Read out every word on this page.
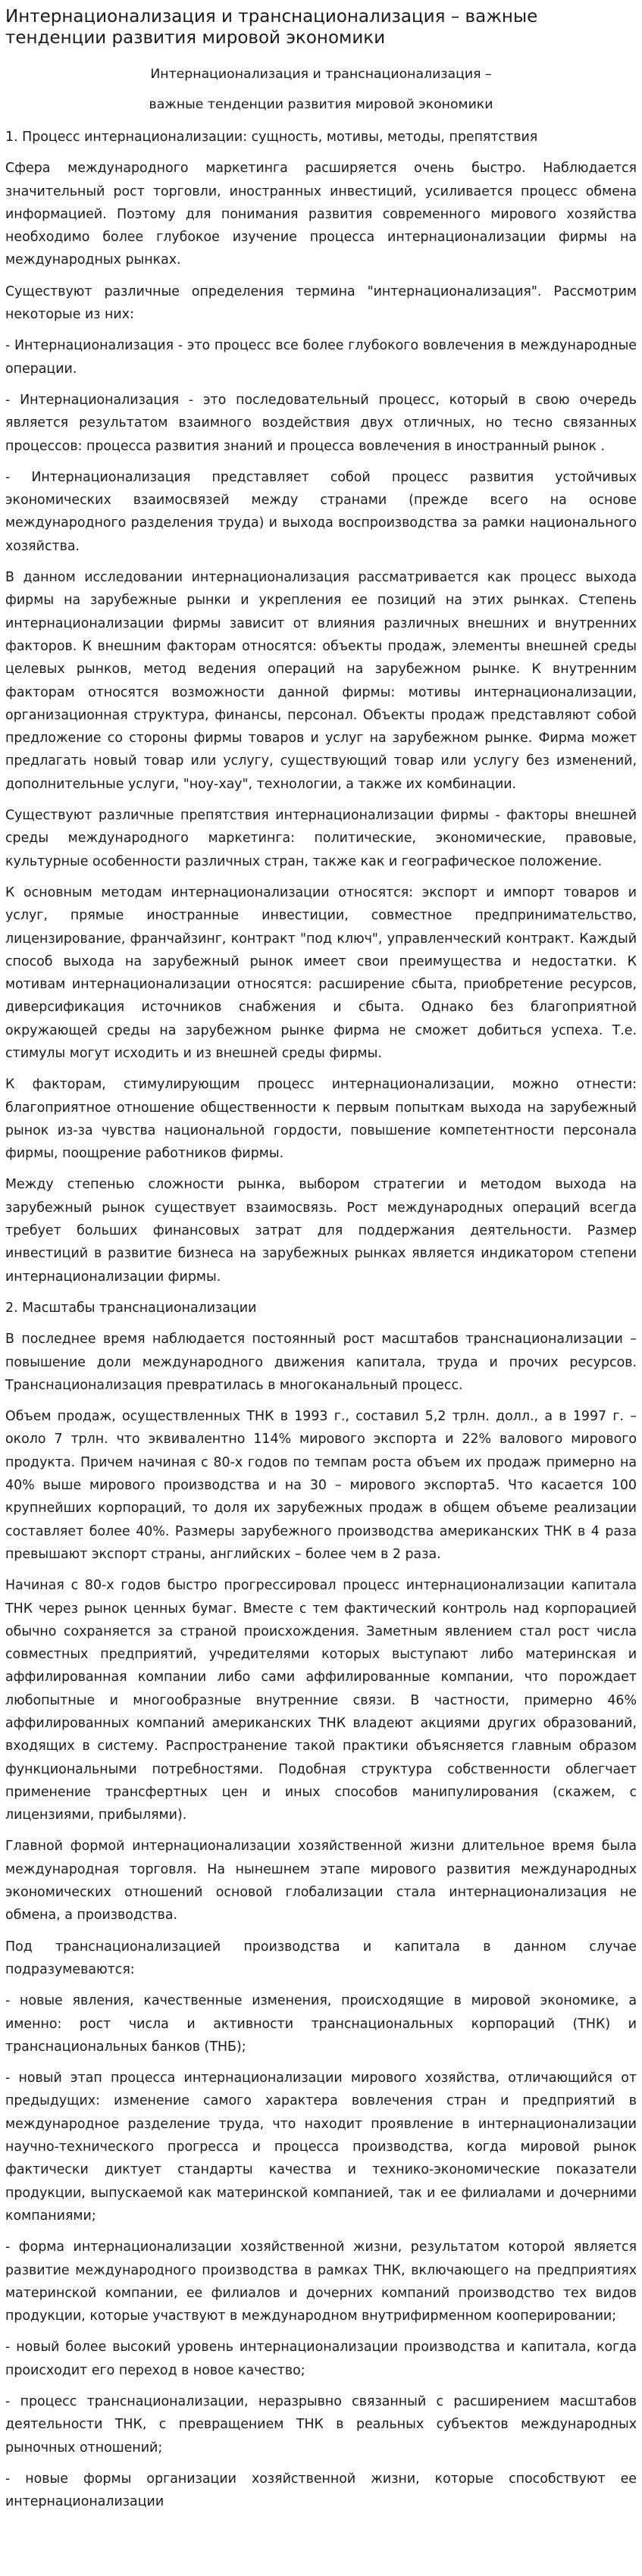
Интернационализация и транснационализация – важные тенденции развития мировой экономики
Интернационализация и транснационализация –
важные тенденции развития мировой экономики

1. Процесс интернационализации: сущность, мотивы, методы, препятствия

Сфера международного маркетинга расширяется очень быстро. Наблюдается значительный рост торговли, иностранных инвестиций, усиливается процесс обмена информацией. Поэтому для понимания развития современного мирового хозяйства необходимо более глубокое изучение процесса интернационализации фирмы на международных рынках.

Существуют различные определения термина "интернационализация". Рассмотрим некоторые из них:

- Интернационализация - это процесс все более глубокого вовлечения в международные операции.

- Интернационализация - это последовательный процесс, который в свою очередь является результатом взаимного воздействия двух отличных, но тесно связанных процессов: процесса развития знаний и процесса вовлечения в иностранный рынок .

- Интернационализация представляет собой процесс развития устойчивых экономических взаимосвязей между странами (прежде всего на основе международного разделения труда) и выхода воспроизводства за рамки национального хозяйства.

В данном исследовании интернационализация рассматривается как процесс выхода фирмы на зарубежные рынки и укрепления ее позиций на этих рынках. Степень интернационализации фирмы зависит от влияния различных внешних и внутренних факторов. К внешним факторам относятся: объекты продаж, элементы внешней среды целевых рынков, метод ведения операций на зарубежном рынке. К внутренним факторам относятся возможности данной фирмы: мотивы интернационализации, организационная структура, финансы, персонал. Объекты продаж представляют собой предложение со стороны фирмы товаров и услуг на зарубежном рынке. Фирма может предлагать новый товар или услугу, существующий товар или услугу без изменений, дополнительные услуги, "ноу-хау", технологии, а также их комбинации.

Существуют различные препятствия интернационализации фирмы - факторы внешней среды международного маркетинга: политические, экономические, правовые, культурные особенности различных стран, также как и географическое положение.

К основным методам интернационализации относятся: экспорт и импорт товаров и услуг, прямые иностранные инвестиции, совместное предпринимательство, лицензирование, франчайзинг, контракт "под ключ", управленческий контракт. Каждый способ выхода на зарубежный рынок имеет свои преимущества и недостатки. К мотивам интернационализации относятся: расширение сбыта, приобретение ресурсов, диверсификация источников снабжения и сбыта. Однако без благоприятной окружающей среды на зарубежном рынке фирма не сможет добиться успеха. Т.е. стимулы могут исходить и из внешней среды фирмы.

К факторам, стимулирующим процесс интернационализации, можно отнести: благоприятное отношение общественности к первым попыткам выхода на зарубежный рынок из-за чувства национальной гордости, повышение компетентности персонала фирмы, поощрение работников фирмы.

Между степенью сложности рынка, выбором стратегии и методом выхода на зарубежный рынок существует взаимосвязь. Рост международных операций всегда требует больших финансовых затрат для поддержания деятельности. Размер инвестиций в развитие бизнеса на зарубежных рынках является индикатором степени интернационализации фирмы.

2. Масштабы транснационализации

В последнее время наблюдается постоянный рост масштабов транснационализации – повышение доли международного движения капитала, труда и прочих ресурсов. Транснационализация превратилась в многоканальный процесс.

Объем продаж, осуществленных ТНК в 1993 г., составил 5,2 трлн. долл., а в 1997 г. – около 7 трлн. что эквивалентно 114% мирового экспорта и 22% валового мирового продукта. Причем начиная с 80-х годов по темпам роста объем их продаж примерно на 40% выше мирового производства и на 30 – мирового экспорта5. Что касается 100 крупнейших корпораций, то доля их зарубежных продаж в общем объеме реализации составляет более 40%. Размеры зарубежного производства американских ТНК в 4 раза превышают экспорт страны, английских – более чем в 2 раза.

Начиная с 80-х годов быстро прогрессировал процесс интернационализации капитала ТНК через рынок ценных бумаг. Вместе с тем фактический контроль над корпорацией обычно сохраняется за страной происхождения. Заметным явлением стал рост числа совместных предприятий, учредителями которых выступают либо материнская и аффилированная компании либо сами аффилированные компании, что порождает любопытные и многообразные внутренние связи. В частности, примерно 46% аффилированных компаний американских ТНК владеют акциями других образований, входящих в систему. Распространение такой практики объясняется главным образом функциональными потребностями. Подобная структура собственности облегчает применение трансфертных цен и иных способов манипулирования (скажем, с лицензиями, прибылями).

Главной формой интернационализации хозяйственной жизни длительное время была международная торговля. На нынешнем этапе мирового развития международных экономических отношений основой глобализации стала интернационализация не обмена, а производства.

Под транснационализацией производства и капитала в данном случае подразумеваются:

- новые явления, качественные изменения, происходящие в мировой экономике, а именно: рост числа и активности транснациональных корпораций (ТНК) и транснациональных банков (ТНБ);

- новый этап процесса интернационализации мирового хозяйства, отличающийся от предыдущих: изменение самого характера вовлечения стран и предприятий в международное разделение труда, что находит проявление в интернационализации научно-технического прогресса и процесса производства, когда мировой рынок фактически диктует стандарты качества и технико-экономические показатели продукции, выпускаемой как материнской компанией, так и ее филиалами и дочерними компаниями;

- форма интернационализации хозяйственной жизни, результатом которой является развитие международного производства в рамках ТНК, включающего на предприятиях материнской компании, ее филиалов и дочерних компаний производство тех видов продукции, которые участвуют в международном внутрифирменном кооперировании;

- новый более высокий уровень интернационализации производства и капитала, когда происходит его переход в новое качество;

- процесс транснационализации, неразрывно связанный с расширением масштабов деятельности ТНК, с превращением ТНК в реальных субъектов международных рыночных отношений;

- новые формы организации хозяйственной жизни, которые способствуют ее интернационализации
